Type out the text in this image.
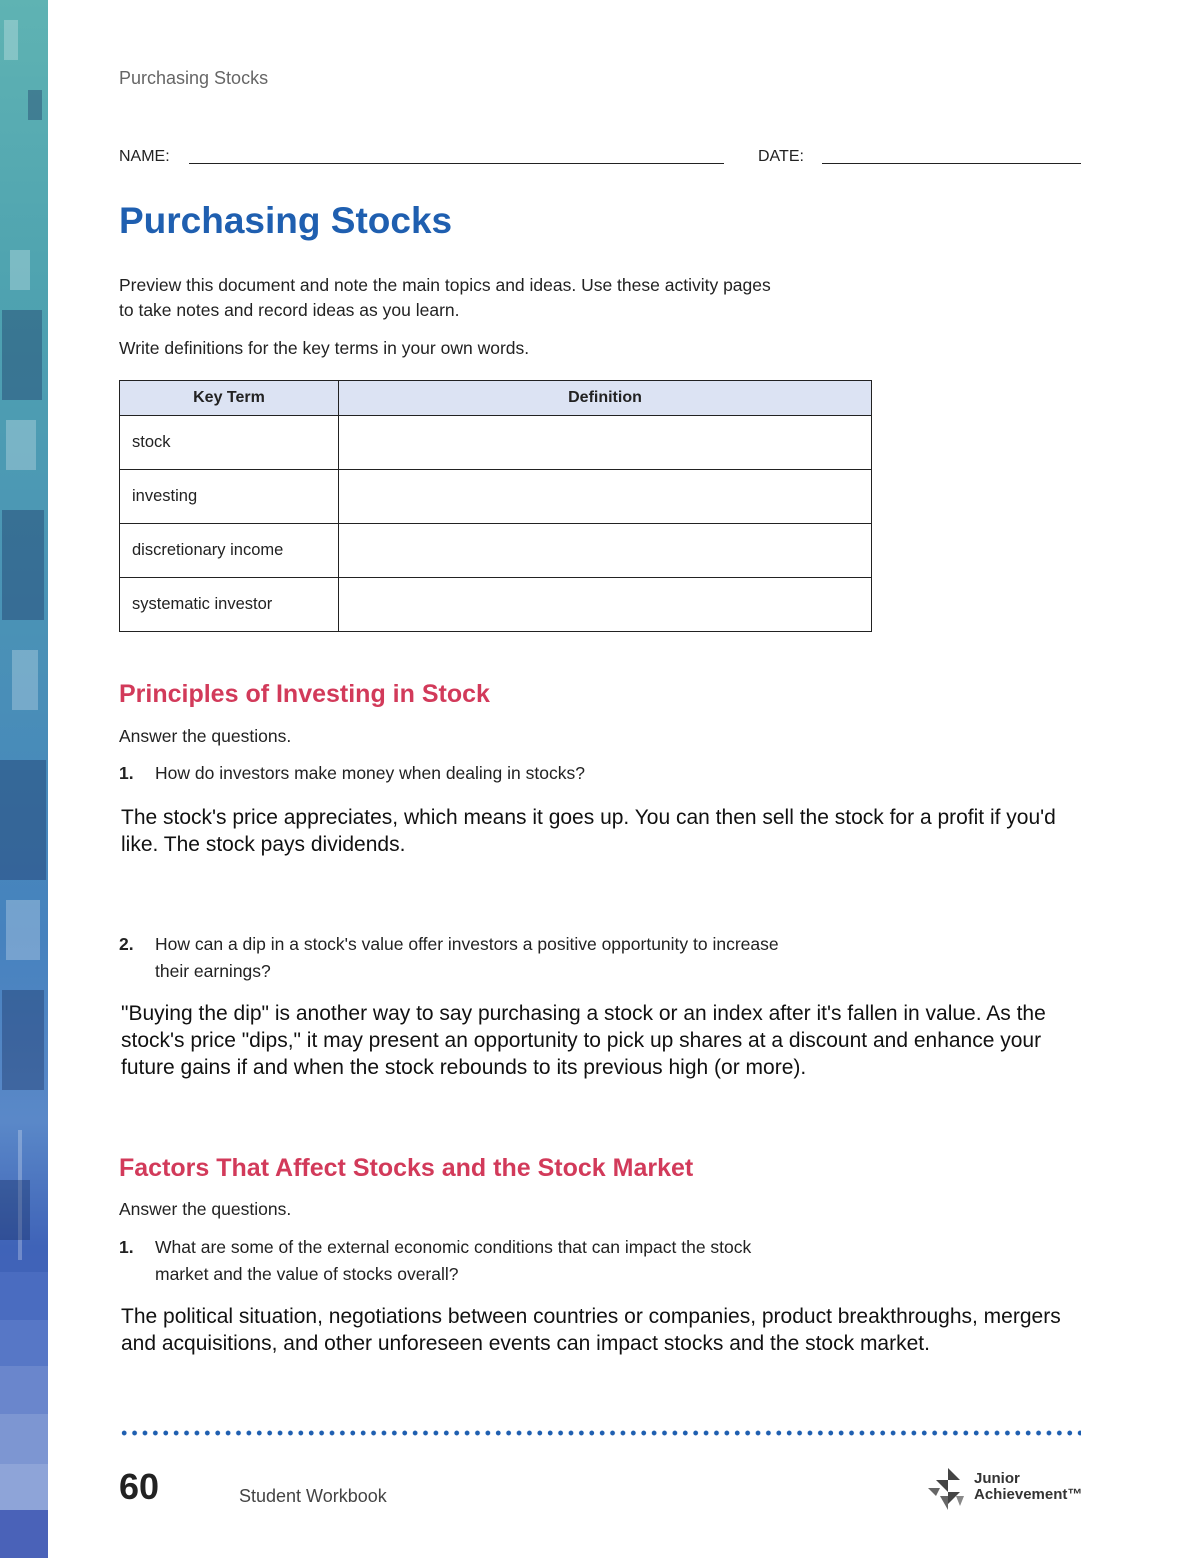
Purchasing Stocks
NAME:	DATE:
Purchasing Stocks
Preview this document and note the main topics and ideas. Use these activity pages
to take notes and record ideas as you learn.
Write definitions for the key terms in your own words.
Key Term	Definition
stock	
investing	
discretionary income	
systematic investor	
Principles of Investing in Stock
Answer the questions.
1. How do investors make money when dealing in stocks?
The stock's price appreciates, which means it goes up. You can then sell the stock for a profit if you'd like. The stock pays dividends.
2. How can a dip in a stock's value offer investors a positive opportunity to increase
their earnings?
"Buying the dip" is another way to say purchasing a stock or an index after it's fallen in value. As the stock's price "dips," it may present an opportunity to pick up shares at a discount and enhance your future gains if and when the stock rebounds to its previous high (or more).
Factors That Affect Stocks and the Stock Market
Answer the questions.
1. What are some of the external economic conditions that can impact the stock
market and the value of stocks overall?
The political situation, negotiations between countries or companies, product breakthroughs, mergers and acquisitions, and other unforeseen events can impact stocks and the stock market.
60	Student Workbook
Junior
Achievement™
